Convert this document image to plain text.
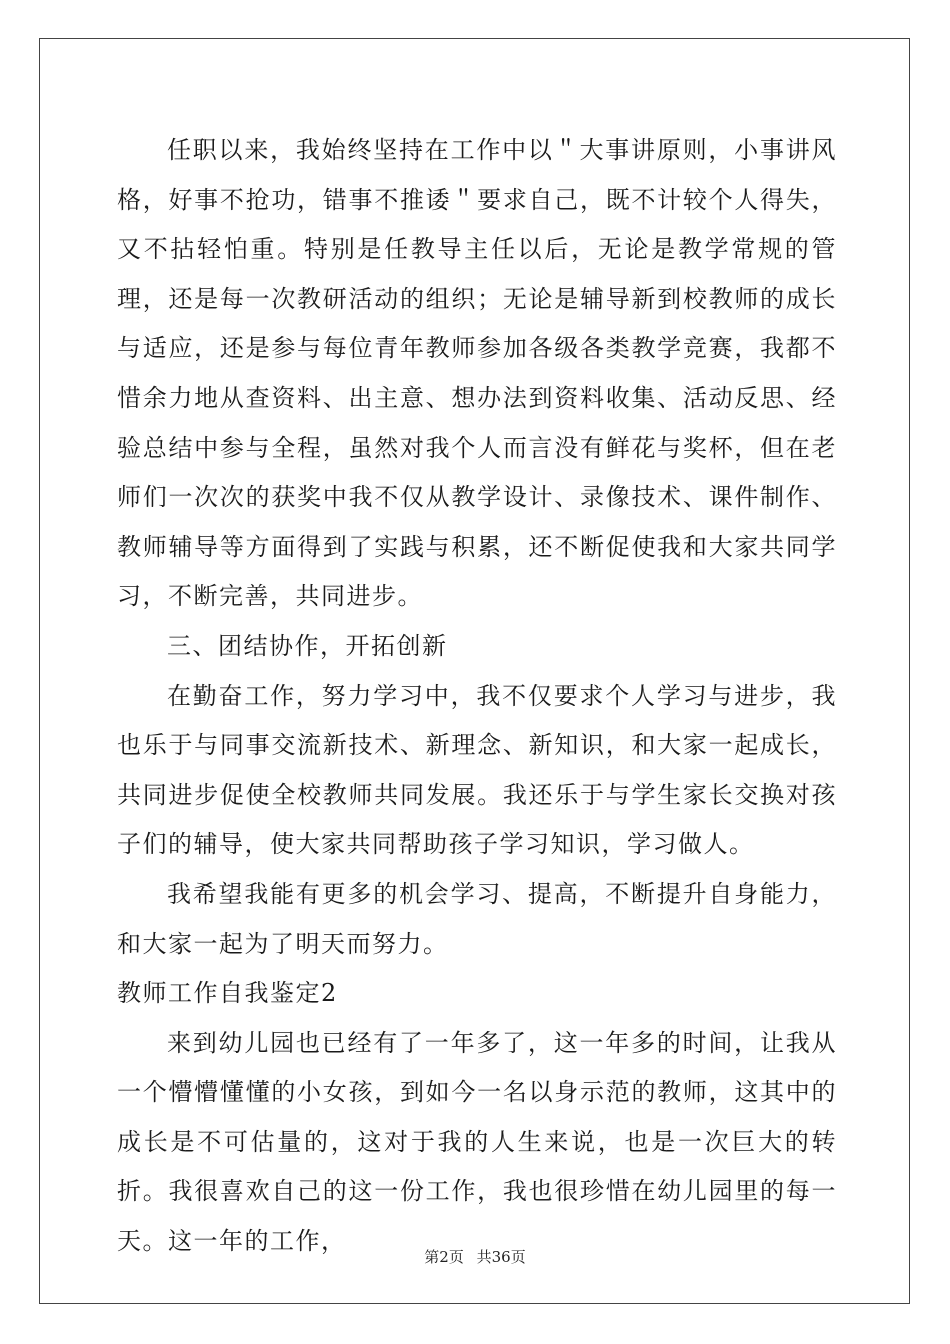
任职以来，我始终坚持在工作中以＂大事讲原则，小事讲风格，好事不抢功，错事不推诿＂要求自己，既不计较个人得失，又不拈轻怕重。特别是任教导主任以后，无论是教学常规的管理，还是每一次教研活动的组织；无论是辅导新到校教师的成长与适应，还是参与每位青年教师参加各级各类教学竞赛，我都不惜余力地从查资料、出主意、想办法到资料收集、活动反思、经验总结中参与全程，虽然对我个人而言没有鲜花与奖杯，但在老师们一次次的获奖中我不仅从教学设计、录像技术、课件制作、教师辅导等方面得到了实践与积累，还不断促使我和大家共同学习，不断完善，共同进步。

三、团结协作，开拓创新

在勤奋工作，努力学习中，我不仅要求个人学习与进步，我也乐于与同事交流新技术、新理念、新知识，和大家一起成长，共同进步促使全校教师共同发展。我还乐于与学生家长交换对孩子们的辅导，使大家共同帮助孩子学习知识，学习做人。

我希望我能有更多的机会学习、提高，不断提升自身能力，和大家一起为了明天而努力。

教师工作自我鉴定2

来到幼儿园也已经有了一年多了，这一年多的时间，让我从一个懵懵懂懂的小女孩，到如今一名以身示范的教师，这其中的成长是不可估量的，这对于我的人生来说，也是一次巨大的转折。我很喜欢自己的这一份工作，我也很珍惜在幼儿园里的每一天。这一年的工作，

第2页 共36页
